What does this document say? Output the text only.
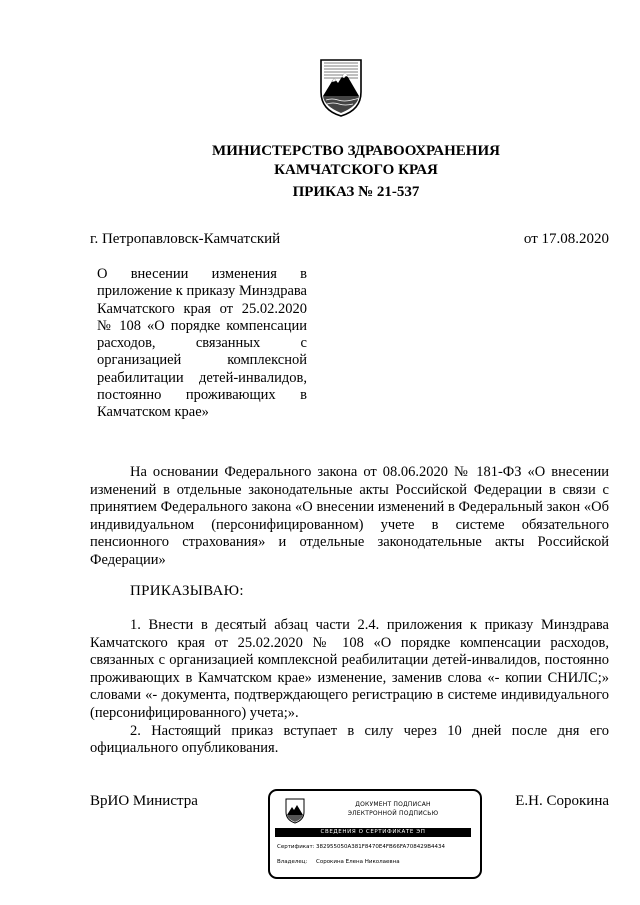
МИНИСТЕРСТВО ЗДРАВООХРАНЕНИЯ
КАМЧАТСКОГО КРАЯ
ПРИКАЗ № 21-537
г. Петропавловск-Камчатский	от 17.08.2020
О внесении изменения в приложение к приказу Минздрава Камчатского края от 25.02.2020 № 108 «О порядке компенсации расходов, связанных с организацией комплексной реабилитации детей-инвалидов, постоянно проживающих в Камчатском крае»

На основании Федерального закона от 08.06.2020 № 181-ФЗ «О внесении изменений в отдельные законодательные акты Российской Федерации в связи с принятием Федерального закона «О внесении изменений в Федеральный закон «Об индивидуальном (персонифицированном) учете в системе обязательного пенсионного страхования» и отдельные законодательные акты Российской Федерации»

ПРИКАЗЫВАЮ:

1. Внести в десятый абзац части 2.4. приложения к приказу Минздрава Камчатского края от 25.02.2020 № 108 «О порядке компенсации расходов, связанных с организацией комплексной реабилитации детей-инвалидов, постоянно проживающих в Камчатском крае» изменение, заменив слова «- копии СНИЛС;» словами «- документа, подтверждающего регистрацию в системе индивидуального (персонифицированного) учета;».

2. Настоящий приказ вступает в силу через 10 дней после дня его официального опубликования.

ВрИО Министра	Е.Н. Сорокина
ДОКУМЕНТ ПОДПИСАН
ЭЛЕКТРОННОЙ ПОДПИСЬЮ
СВЕДЕНИЯ О СЕРТИФИКАТЕ ЭП
Сертификат:382955050A381F8470E4FB66FA708429B4434
Владелец: Сорокина Елена Николаевна
